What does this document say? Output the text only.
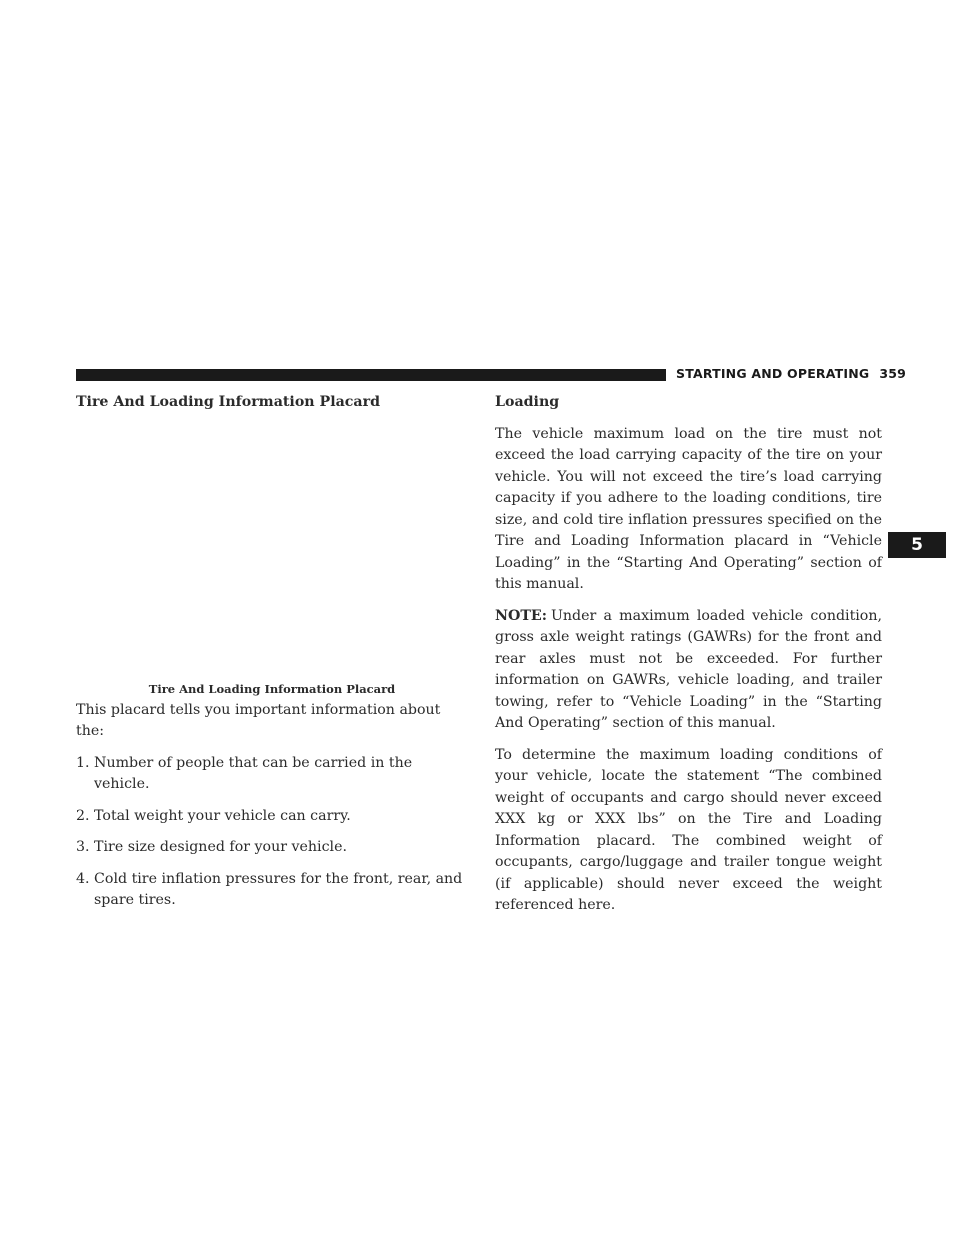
STARTING AND OPERATING 359
5
Tire And Loading Information Placard
Tire And Loading Information Placard

This placard tells you important information about the:

1. Number of people that can be carried in the vehicle.
2. Total weight your vehicle can carry.
3. Tire size designed for your vehicle.
4. Cold tire inflation pressures for the front, rear, and spare tires.
Loading

The vehicle maximum load on the tire must not exceed the load carrying capacity of the tire on your vehicle. You will not exceed the tire’s load carrying capacity if you adhere to the loading conditions, tire size, and cold tire inflation pressures specified on the Tire and Loading Information placard in “Vehicle Loading” in the “Starting And Operating” section of this manual.

NOTE: Under a maximum loaded vehicle condition, gross axle weight ratings (GAWRs) for the front and rear axles must not be exceeded. For further information on GAWRs, vehicle loading, and trailer towing, refer to “Vehicle Loading” in the “Starting And Operating” section of this manual.

To determine the maximum loading conditions of your vehicle, locate the statement “The combined weight of occupants and cargo should never exceed XXX kg or XXX lbs” on the Tire and Loading Information placard. The combined weight of occupants, cargo/luggage and trailer tongue weight (if applicable) should never exceed the weight referenced here.
